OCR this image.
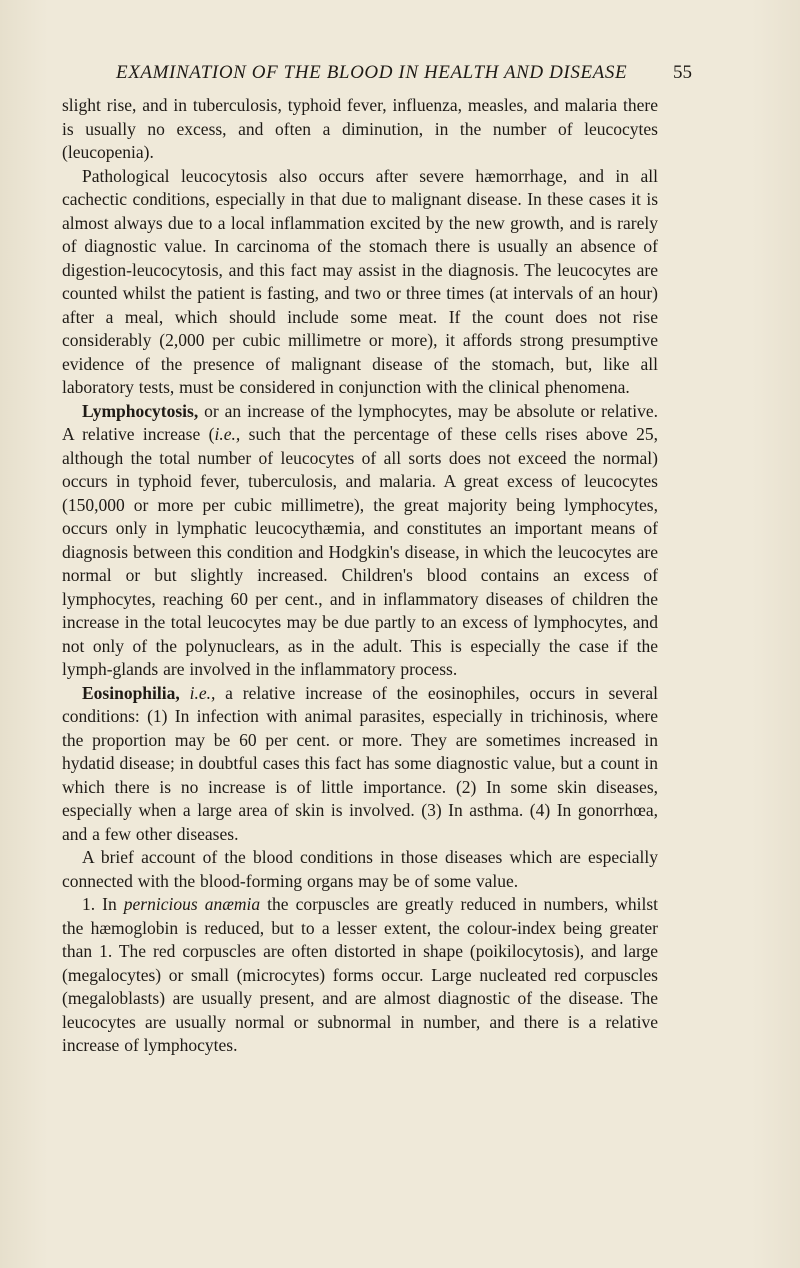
EXAMINATION OF THE BLOOD IN HEALTH AND DISEASE 55

slight rise, and in tuberculosis, typhoid fever, influenza, measles, and malaria there is usually no excess, and often a diminution, in the number of leucocytes (leucopenia).

Pathological leucocytosis also occurs after severe hæmorrhage, and in all cachectic conditions, especially in that due to malignant disease. In these cases it is almost always due to a local inflammation excited by the new growth, and is rarely of diagnostic value. In carcinoma of the stomach there is usually an absence of digestion-leucocytosis, and this fact may assist in the diagnosis. The leucocytes are counted whilst the patient is fasting, and two or three times (at intervals of an hour) after a meal, which should include some meat. If the count does not rise considerably (2,000 per cubic millimetre or more), it affords strong presumptive evidence of the presence of malignant disease of the stomach, but, like all laboratory tests, must be considered in conjunction with the clinical phenomena.

Lymphocytosis, or an increase of the lymphocytes, may be absolute or relative. A relative increase (i.e., such that the percentage of these cells rises above 25, although the total number of leucocytes of all sorts does not exceed the normal) occurs in typhoid fever, tuberculosis, and malaria. A great excess of leucocytes (150,000 or more per cubic millimetre), the great majority being lymphocytes, occurs only in lymphatic leucocythæmia, and constitutes an important means of diagnosis between this condition and Hodgkin's disease, in which the leucocytes are normal or but slightly increased. Children's blood contains an excess of lymphocytes, reaching 60 per cent., and in inflammatory diseases of children the increase in the total leucocytes may be due partly to an excess of lymphocytes, and not only of the polynuclears, as in the adult. This is especially the case if the lymph-glands are involved in the inflammatory process.

Eosinophilia, i.e., a relative increase of the eosinophiles, occurs in several conditions: (1) In infection with animal parasites, especially in trichinosis, where the proportion may be 60 per cent. or more. They are sometimes increased in hydatid disease; in doubtful cases this fact has some diagnostic value, but a count in which there is no increase is of little importance. (2) In some skin diseases, especially when a large area of skin is involved. (3) In asthma. (4) In gonorrhœa, and a few other diseases.

A brief account of the blood conditions in those diseases which are especially connected with the blood-forming organs may be of some value.

1. In pernicious anæmia the corpuscles are greatly reduced in numbers, whilst the hæmoglobin is reduced, but to a lesser extent, the colour-index being greater than 1. The red corpuscles are often distorted in shape (poikilocytosis), and large (megalocytes) or small (microcytes) forms occur. Large nucleated red corpuscles (megaloblasts) are usually present, and are almost diagnostic of the disease. The leucocytes are usually normal or subnormal in number, and there is a relative increase of lymphocytes.
